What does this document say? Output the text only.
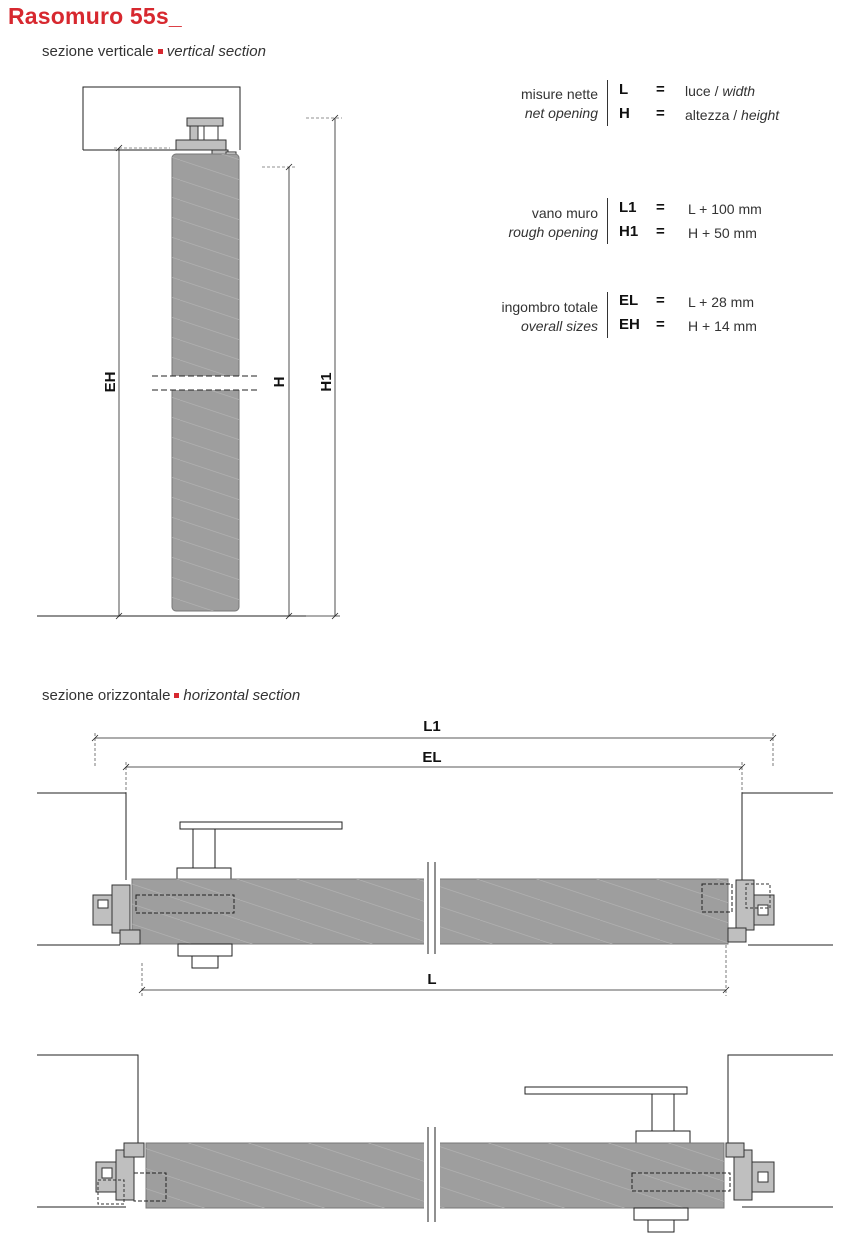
Rasomuro 55s_
sezione verticale vertical section
sezione orizzontale horizontal section
misure nette
net opening
L
H
=
=
luce / width
altezza / height
vano muro
rough opening
L1
H1
=
=
L + 100 mm
H + 50 mm
ingombro totale
overall sizes
EL
EH
=
=
L + 28 mm
H + 14 mm
EH	H H1
L1
EL
L
